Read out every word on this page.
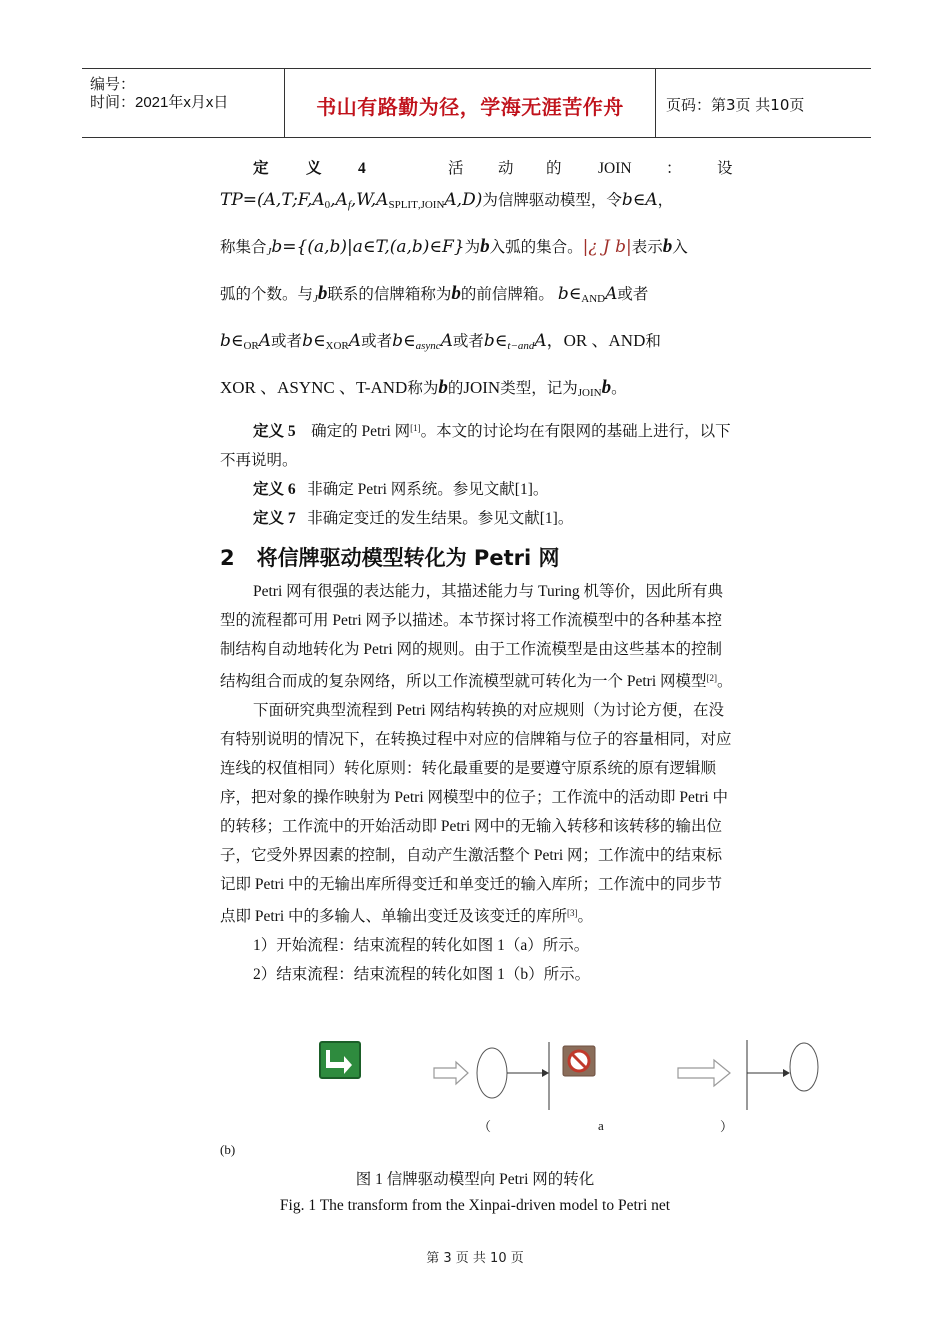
编号：
时间：2021年x月x日	书山有路勤为径，学海无涯苦作舟	页码：第3页 共10页
定 义 4	活 动 的 JOIN ： 设

$TP=(A,T;F,A_0,Af,W,A_{SPLIT,JOIN}A,D)$为信牌驱动模型，令b∈A，

称集合Jb={(a,b)|a∈T,(a,b)∈F}为b入弧的集合。|¿ J b|表示b入

弧的个数。与Jb联系的信牌箱称为b的前信牌箱。 $b\in_{AND}A$或者

$b\in_{OR}A$或者$b\in_{XOR}A$或者b∈asyncA或者b∈t−andA，OR 、AND和

XOR 、ASYNC 、T-AND称为b的JOIN类型，记为$_{JOIN}$b。

定义 5 确定的 Petri 网[1]。本文的讨论均在有限网的基础上进行，以下不再说明。

定义 6 非确定 Petri 网系统。参见文献[1]。

定义 7 非确定变迁的发生结果。参见文献[1]。

2 将信牌驱动模型转化为 Petri 网

Petri 网有很强的表达能力，其描述能力与 Turing 机等价，因此所有典型的流程都可用 Petri 网予以描述。本节探讨将工作流模型中的各种基本控制结构自动地转化为 Petri 网的规则。由于工作流模型是由这些基本的控制结构组合而成的复杂网络，所以工作流模型就可转化为一个 Petri 网模型[2]。

下面研究典型流程到 Petri 网结构转换的对应规则（为讨论方便，在没有特别说明的情况下，在转换过程中对应的信牌箱与位子的容量相同，对应连线的权值相同）转化原则：转化最重要的是要遵守原系统的原有逻辑顺序，把对象的操作映射为 Petri 网模型中的位子；工作流中的活动即 Petri 中的转移；工作流中的开始活动即 Petri 网中的无输入转移和该转移的输出位子，它受外界因素的控制，自动产生激活整个 Petri 网；工作流中的结束标记即 Petri 中的无输出库所得变迁和单变迁的输入库所；工作流中的同步节点即 Petri 中的多输人、单输出变迁及该变迁的库所[3]。

1）开始流程：结束流程的转化如图 1（a）所示。

2）结束流程：结束流程的转化如图 1（b）所示。

（	a	）
(b)
图 1 信牌驱动模型向 Petri 网的转化
Fig. 1 The transform from the Xinpai-driven model to Petri net
第 3 页 共 10 页
